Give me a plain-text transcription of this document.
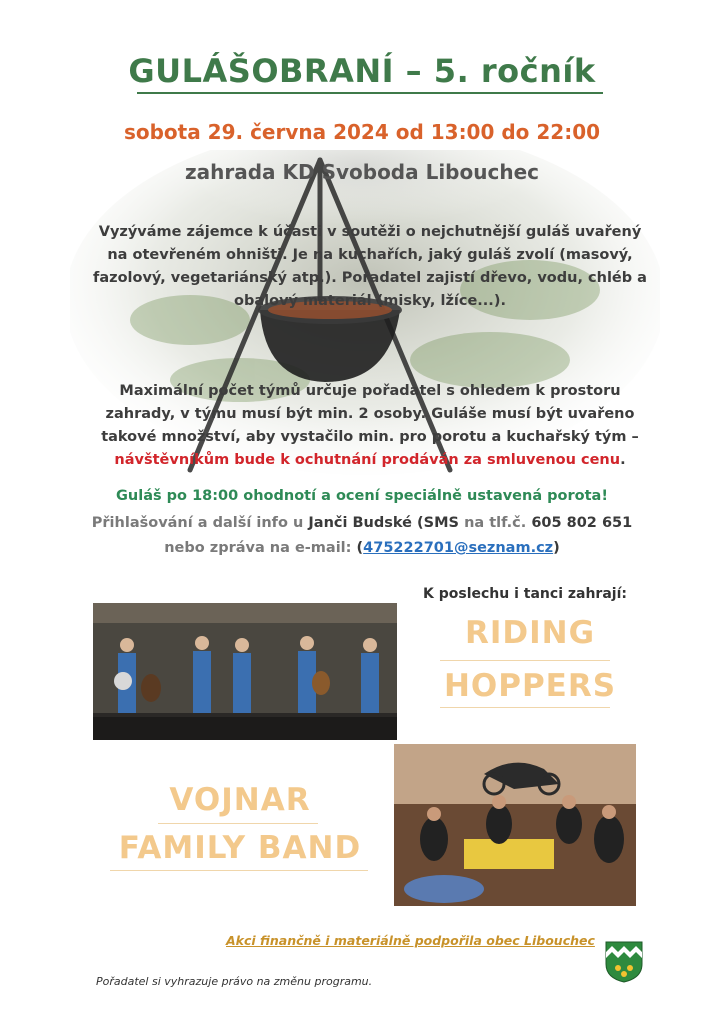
GULÁŠOBRANÍ – 5. ročník
sobota 29. června 2024 od 13:00 do 22:00
zahrada KD Svoboda Libouchec
Vyzýváme zájemce k účasti v soutěži o nejchutnější guláš uvařený
na otevřeném ohništi. Je na kuchařích, jaký guláš zvolí (masový,
fazolový, vegetariánský atp.). Pořadatel zajistí dřevo, vodu, chléb a
obalový materiál (misky, lžíce...).
Maximální počet týmů určuje pořadatel s ohledem k prostoru
zahrady, v týmu musí být min. 2 osoby. Guláše musí být uvařeno
takové množství, aby vystačilo min. pro porotu a kuchařský tým –
návštěvníkům bude k ochutnání prodáván za smluvenou cenu.
Guláš po 18:00 ohodnotí a ocení speciálně ustavená porota!
Přihlašování a další info u Janči Budské (SMS na tlf.č. 605 802 651
nebo zpráva na e-mail: (475222701@seznam.cz)
K poslechu i tanci zahrají:
RIDING
HOPPERS
VOJNAR
FAMILY BAND
Akci finančně i materiálně podpořila obec Libouchec
Pořadatel si vyhrazuje právo na změnu programu.
